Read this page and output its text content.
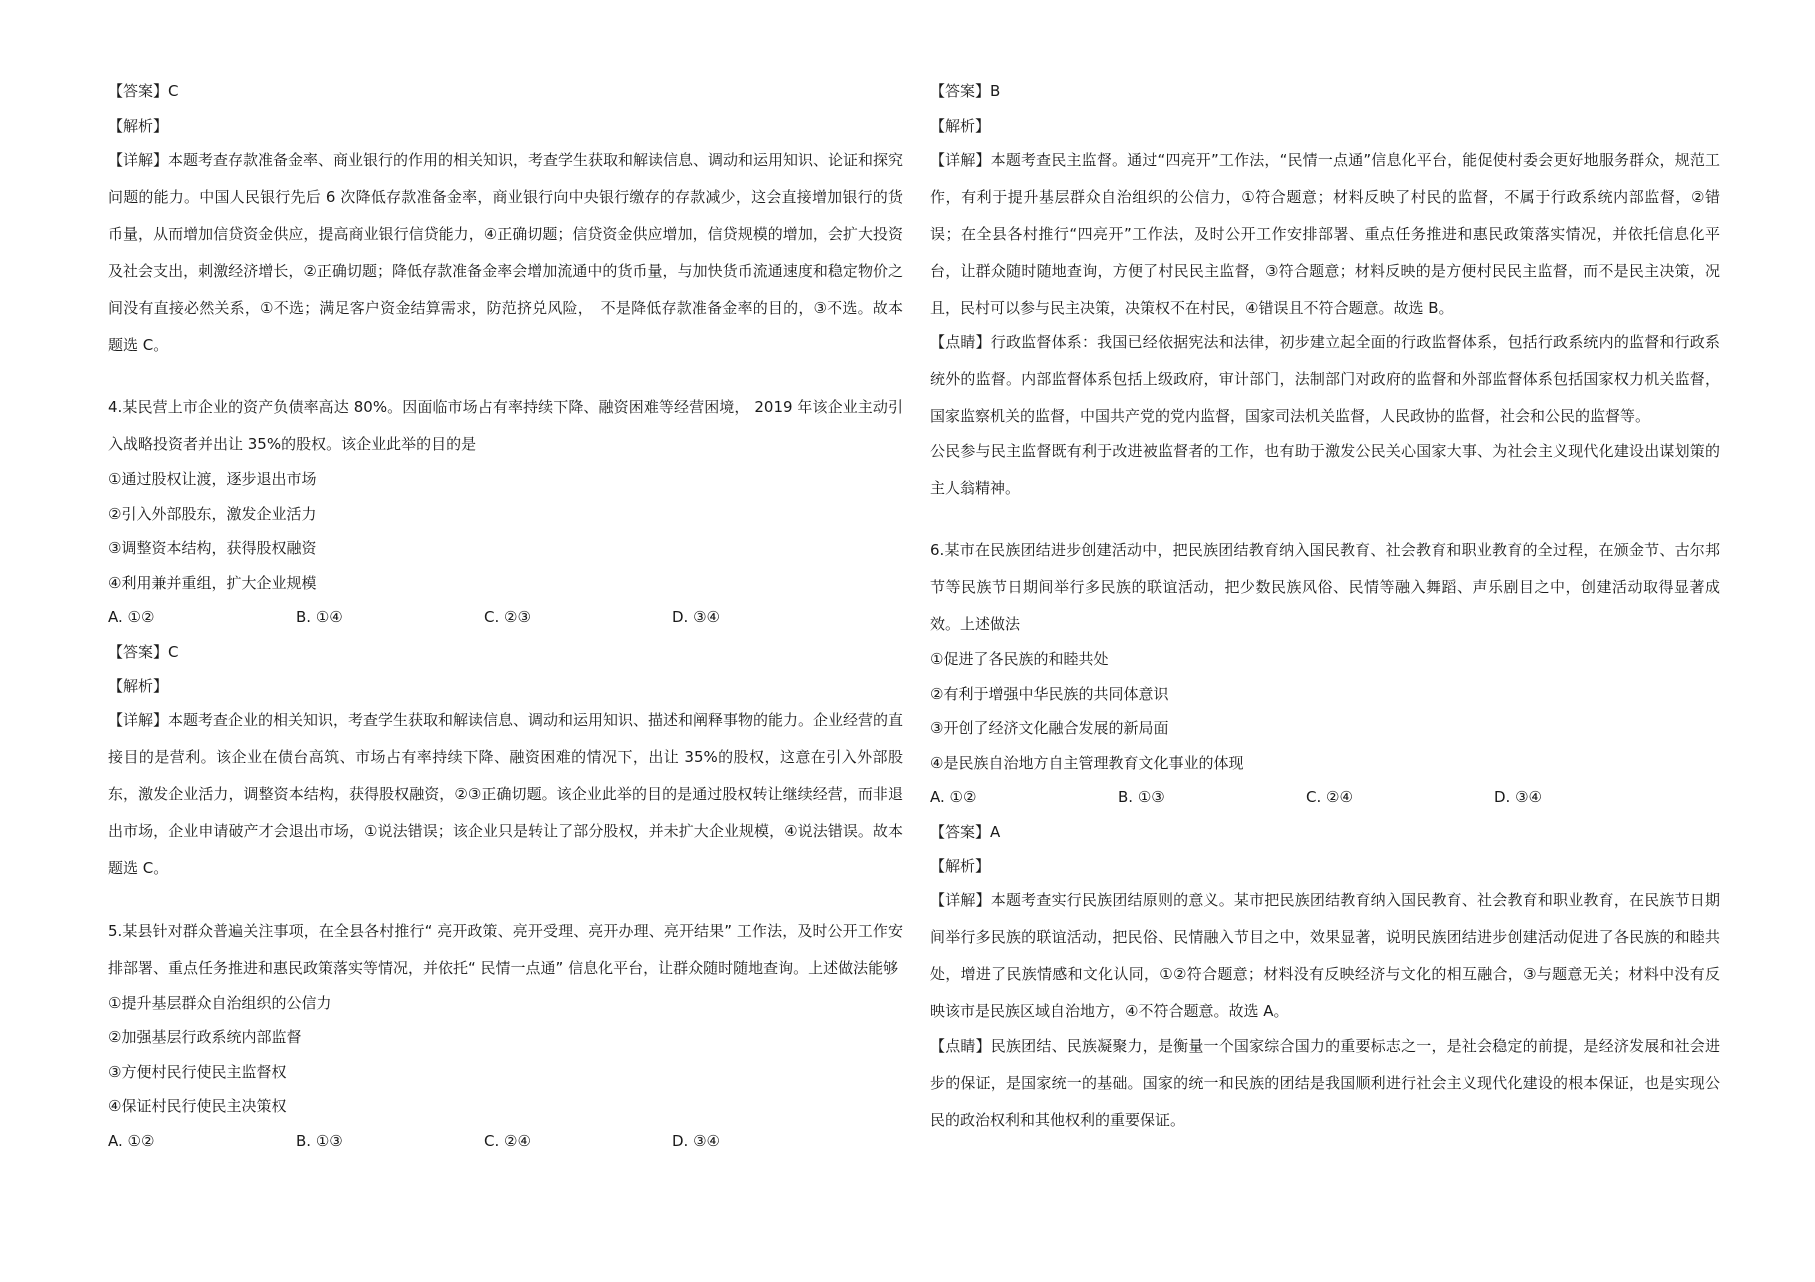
【答案】C
【解析】
【详解】本题考查存款准备金率、商业银行的作用的相关知识，考查学生获取和解读信息、调动和运用知识、论证和探究问题的能力。中国人民银行先后 6 次降低存款准备金率，商业银行向中央银行缴存的存款减少，这会直接增加银行的货币量，从而增加信贷资金供应，提高商业银行信贷能力，④正确切题；信贷资金供应增加，信贷规模的增加，会扩大投资及社会支出，刺激经济增长，②正确切题；降低存款准备金率会增加流通中的货币量，与加快货币流通速度和稳定物价之间没有直接必然关系，①不选；满足客户资金结算需求，防范挤兑风险，　不是降低存款准备金率的目的，③不选。故本题选 C。
4.某民营上市企业的资产负债率高达 80%。因面临市场占有率持续下降、融资困难等经营困境， 2019 年该企业主动引入战略投资者并出让 35%的股权。该企业此举的目的是
①通过股权让渡，逐步退出市场
②引入外部股东，激发企业活力
③调整资本结构，获得股权融资
④利用兼并重组，扩大企业规模
A. ①②	B. ①④	C. ②③	D. ③④
【答案】C
【解析】
【详解】本题考查企业的相关知识，考查学生获取和解读信息、调动和运用知识、描述和阐释事物的能力。企业经营的直接目的是营利。该企业在债台高筑、市场占有率持续下降、融资困难的情况下，出让 35%的股权，这意在引入外部股东，激发企业活力，调整资本结构，获得股权融资，②③正确切题。该企业此举的目的是通过股权转让继续经营，而非退出市场，企业申请破产才会退出市场，①说法错误；该企业只是转让了部分股权，并未扩大企业规模，④说法错误。故本题选 C。
5.某县针对群众普遍关注事项，在全县各村推行“ 亮开政策、亮开受理、亮开办理、亮开结果” 工作法，及时公开工作安排部署、重点任务推进和惠民政策落实等情况，并依托“ 民情一点通” 信息化平台，让群众随时随地查询。上述做法能够
①提升基层群众自治组织的公信力
②加强基层行政系统内部监督
③方便村民行使民主监督权
④保证村民行使民主决策权
A. ①②	B. ①③	C. ②④	D. ③④
【答案】B
【解析】
【详解】本题考查民主监督。通过“四亮开”工作法，“民情一点通”信息化平台，能促使村委会更好地服务群众，规范工作，有利于提升基层群众自治组织的公信力，①符合题意；材料反映了村民的监督，不属于行政系统内部监督，②错误；在全县各村推行“四亮开”工作法，及时公开工作安排部署、重点任务推进和惠民政策落实情况，并依托信息化平台，让群众随时随地查询，方便了村民民主监督，③符合题意；材料反映的是方便村民民主监督，而不是民主决策，况且，民村可以参与民主决策，决策权不在村民，④错误且不符合题意。故选 B。
【点睛】行政监督体系：我国已经依据宪法和法律，初步建立起全面的行政监督体系，包括行政系统内的监督和行政系统外的监督。内部监督体系包括上级政府，审计部门，法制部门对政府的监督和外部监督体系包括国家权力机关监督，国家监察机关的监督，中国共产党的党内监督，国家司法机关监督，人民政协的监督，社会和公民的监督等。
公民参与民主监督既有利于改进被监督者的工作，也有助于激发公民关心国家大事、为社会主义现代化建设出谋划策的主人翁精神。
6.某市在民族团结进步创建活动中，把民族团结教育纳入国民教育、社会教育和职业教育的全过程，在颁金节、古尔邦节等民族节日期间举行多民族的联谊活动，把少数民族风俗、民情等融入舞蹈、声乐剧目之中，创建活动取得显著成效。上述做法
①促进了各民族的和睦共处
②有利于增强中华民族的共同体意识
③开创了经济文化融合发展的新局面
④是民族自治地方自主管理教育文化事业的体现
A. ①②	B. ①③	C. ②④	D. ③④
【答案】A
【解析】
【详解】本题考查实行民族团结原则的意义。某市把民族团结教育纳入国民教育、社会教育和职业教育，在民族节日期间举行多民族的联谊活动，把民俗、民情融入节目之中，效果显著，说明民族团结进步创建活动促进了各民族的和睦共处，增进了民族情感和文化认同，①②符合题意；材料没有反映经济与文化的相互融合，③与题意无关；材料中没有反映该市是民族区域自治地方，④不符合题意。故选 A。
【点睛】民族团结、民族凝聚力，是衡量一个国家综合国力的重要标志之一，是社会稳定的前提，是经济发展和社会进步的保证，是国家统一的基础。国家的统一和民族的团结是我国顺利进行社会主义现代化建设的根本保证，也是实现公民的政治权利和其他权利的重要保证。
